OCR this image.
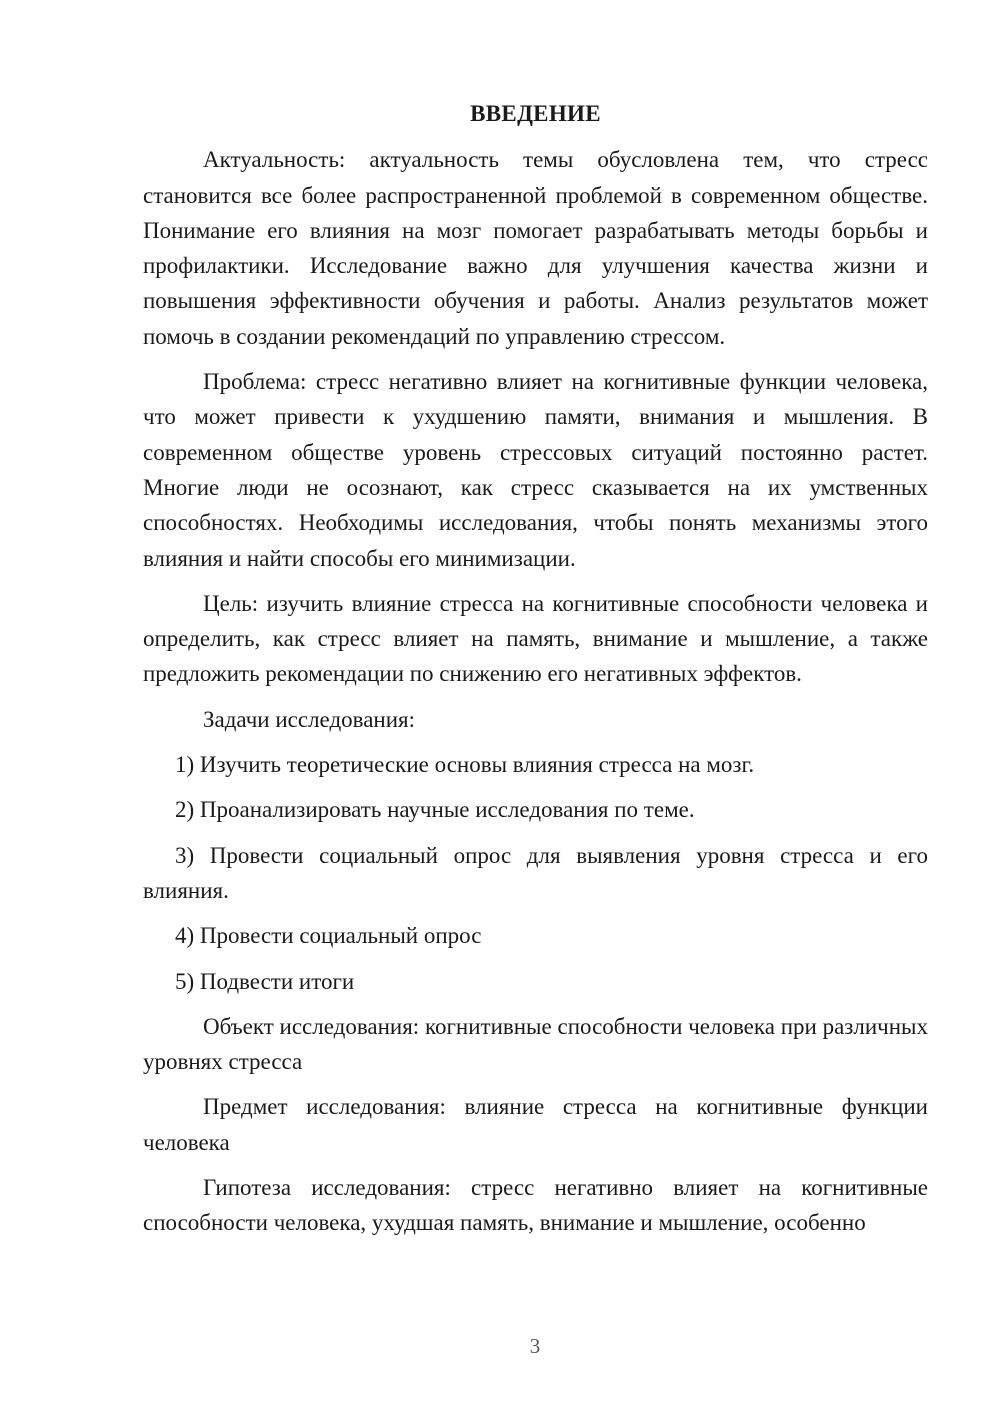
ВВЕДЕНИЕ

Актуальность: актуальность темы обусловлена тем, что стресс становится все более распространенной проблемой в современном обществе. Понимание его влияния на мозг помогает разрабатывать методы борьбы и профилактики. Исследование важно для улучшения качества жизни и повышения эффективности обучения и работы. Анализ результатов может помочь в создании рекомендаций по управлению стрессом.

Проблема: стресс негативно влияет на когнитивные функции человека, что может привести к ухудшению памяти, внимания и мышления. В современном обществе уровень стрессовых ситуаций постоянно растет. Многие люди не осознают, как стресс сказывается на их умственных способностях. Необходимы исследования, чтобы понять механизмы этого влияния и найти способы его минимизации.

Цель: изучить влияние стресса на когнитивные способности человека и определить, как стресс влияет на память, внимание и мышление, а также предложить рекомендации по снижению его негативных эффектов.

Задачи исследования:

1) Изучить теоретические основы влияния стресса на мозг.

2) Проанализировать научные исследования по теме.

3) Провести социальный опрос для выявления уровня стресса и его влияния.

4) Провести социальный опрос

5) Подвести итоги

Объект исследования: когнитивные способности человека при различных уровнях стресса

Предмет исследования: влияние стресса на когнитивные функции человека

Гипотеза исследования: стресс негативно влияет на когнитивные способности человека, ухудшая память, внимание и мышление, особенно

3
